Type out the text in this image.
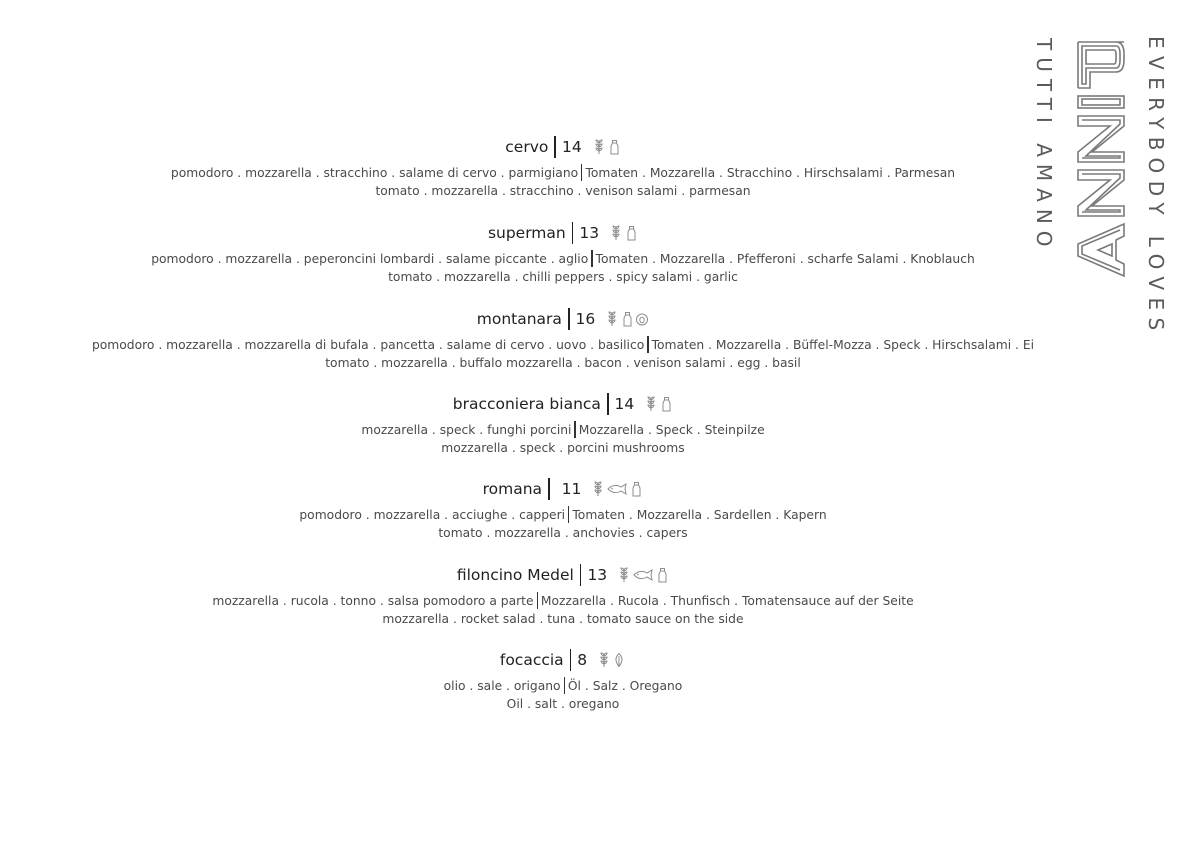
cervo 14
pomodoro . mozzarella . stracchino . salame di cervo . parmigiano Tomaten . Mozzarella . Stracchino . Hirschsalami . Parmesan
tomato . mozzarella . stracchino . venison salami . parmesan
superman 13
pomodoro . mozzarella . peperoncini lombardi . salame piccante . aglio Tomaten . Mozzarella . Pfefferoni . scharfe Salami . Knoblauch
tomato . mozzarella . chilli peppers . spicy salami . garlic
montanara 16
pomodoro . mozzarella . mozzarella di bufala . pancetta . salame di cervo . uovo . basilico Tomaten . Mozzarella . Büffel-Mozza . Speck . Hirschsalami . Ei
tomato . mozzarella . buffalo mozzarella . bacon . venison salami . egg . basil
bracconiera bianca 14
mozzarella . speck . funghi porcini Mozzarella . Speck . Steinpilze
mozzarella . speck . porcini mushrooms
romana 11
pomodoro . mozzarella . acciughe . capperi Tomaten . Mozzarella . Sardellen . Kapern
tomato . mozzarella . anchovies . capers
filoncino Medel 13
mozzarella . rucola . tonno . salsa pomodoro a parte Mozzarella . Rucola . Thunfisch . Tomatensauce auf der Seite
mozzarella . rocket salad . tuna . tomato sauce on the side
focaccia 8
olio . sale . origano Öl . Salz . Oregano
Oil . salt . oregano
EVERYBODY LOVES
TUTTI AMANO
